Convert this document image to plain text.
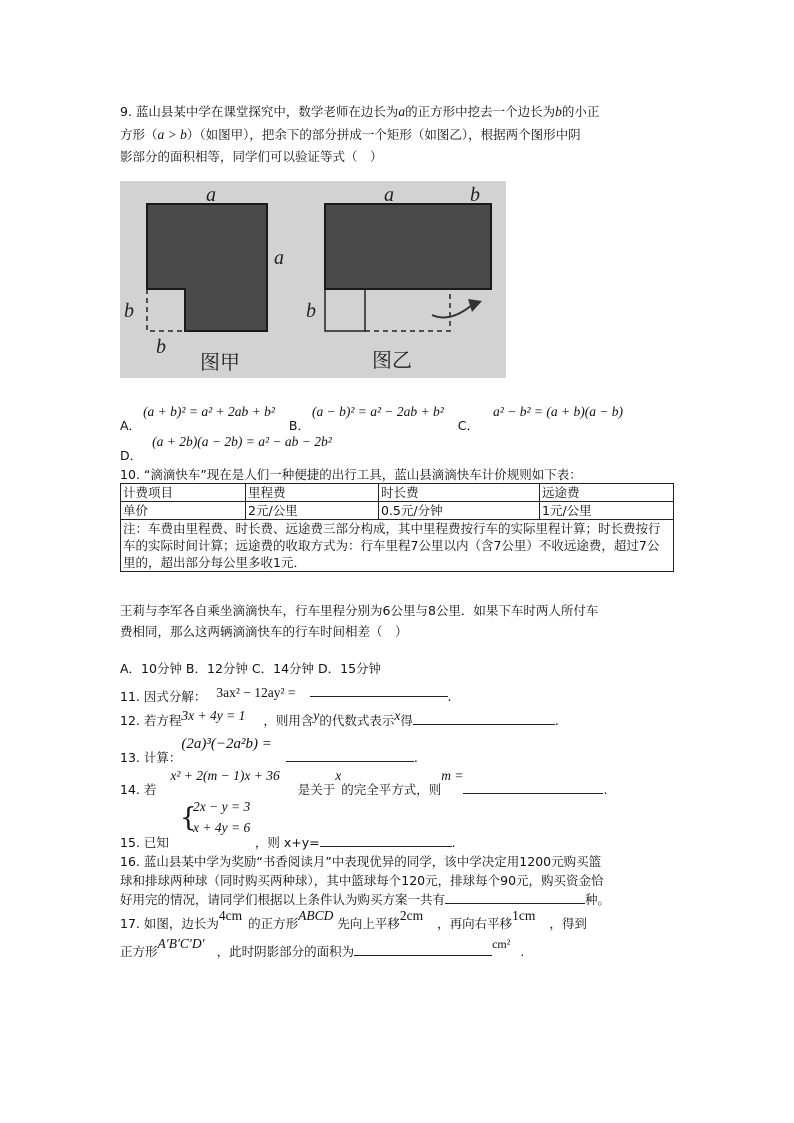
9. 蓝山县某中学在课堂探究中，数学老师在边长为a的正方形中挖去一个边长为b的小正
方形（a > b）（如图甲），把余下的部分拼成一个矩形（如图乙），根据两个图形中阴
影部分的面积相等，同学们可以验证等式（　）
a
a
b
b
图甲
a	b
b
图乙
A．(a + b)² = a² + 2ab + b²B．(a − b)² = a² − 2ab + b²C．a² − b² = (a + b)(a − b)
D．(a + 2b)(a − 2b) = a² − ab − 2b²
10. “滴滴快车”现在是人们一种便捷的出行工具，蓝山县滴滴快车计价规则如下表：
计费项目	里程费	时长费	远途费
单价	2元/公里	0.5元/分钟	1元/公里
注：车费由里程费、时长费、远途费三部分构成，其中里程费按行车的实际里程计算；时长费按行车的实际时间计算；远途费的收取方式为：行车里程7公里以内（含7公里）不收远途费，超过7公里的，超出部分每公里多收1元．			
王莉与李军各自乘坐滴滴快车，行车里程分别为6公里与8公里．如果下车时两人所付车
费相同，那么这两辆滴滴快车的行车时间相差（　）
A．10分钟 B．12分钟 C．14分钟 D．15分钟
11. 因式分解： 3ax² − 12ay² =	.
12. 若方程3x + 4y = 1 ，则用含y的代数式表示x得	.
13. 计算：(2a)³(−2a²b) =.
14. 若x² + 2(m − 1)x + 36是关于x的完全平方式，则m =.
{
2x − y = 3
x + 4y = 6
15. 已知	，则 x+y=	.
16. 蓝山县某中学为奖励“书香阅读月”中表现优异的同学，该中学决定用1200元购买篮
球和排球两种球（同时购买两种球），其中篮球每个120元，排球每个90元，购买资金恰
好用完的情况，请同学们根据以上条件认为购买方案一共有	种。
17. 如图，边长为4cm的正方形ABCD先向上平移2cm，再向右平移1cm，得到
正方形A′B′C′D′，此时阴影部分的面积为	cm² .
